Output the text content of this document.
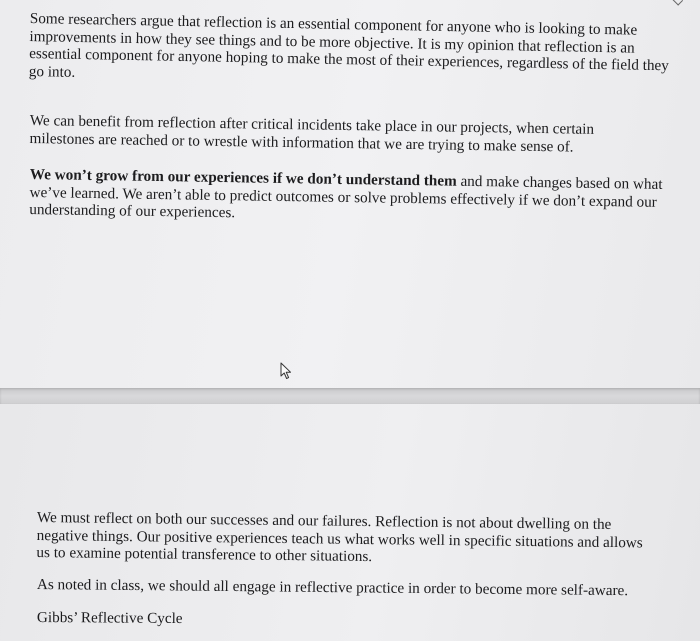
Some researchers argue that reflection is an essential component for anyone who is looking to make improvements in how they see things and to be more objective. It is my opinion that reflection is an essential component for anyone hoping to make the most of their experiences, regardless of the field they go into.

We can benefit from reflection after critical incidents take place in our projects, when certain milestones are reached or to wrestle with information that we are trying to make sense of.

We won’t grow from our experiences if we don’t understand them and make changes based on what we’ve learned. We aren’t able to predict outcomes or solve problems effectively if we don’t expand our understanding of our experiences.

We must reflect on both our successes and our failures. Reflection is not about dwelling on the negative things. Our positive experiences teach us what works well in specific situations and allows us to examine potential transference to other situations.

As noted in class, we should all engage in reflective practice in order to become more self-aware.

Gibbs’ Reflective Cycle
